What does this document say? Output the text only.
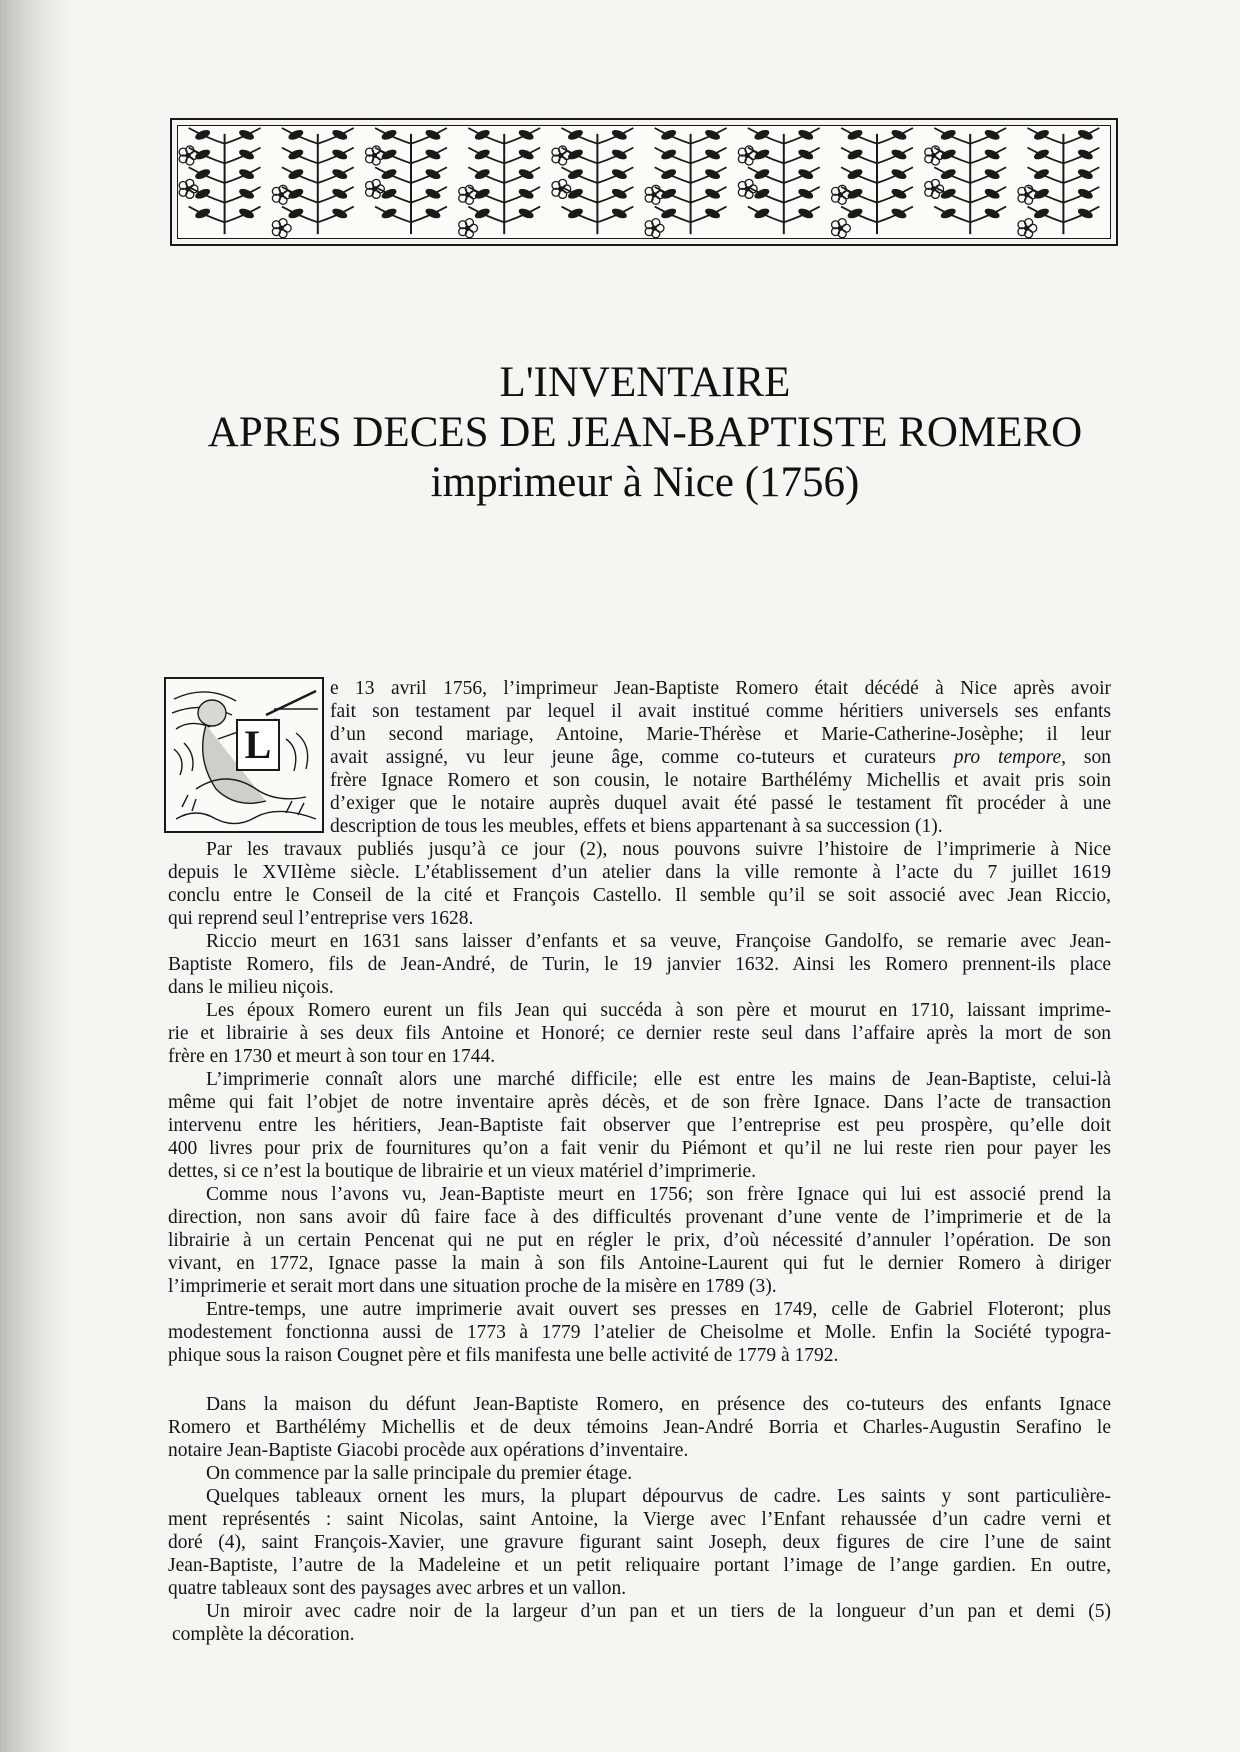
L'INVENTAIRE
APRES DECES DE JEAN-BAPTISTE ROMERO
imprimeur à Nice (1756)
L
e 13 avril 1756, l’imprimeur Jean-Baptiste Romero était décédé à Nice après avoir
fait son testament par lequel il avait institué comme héritiers universels ses enfants
d’un second mariage, Antoine, Marie-Thérèse et Marie-Catherine-Josèphe; il leur
avait assigné, vu leur jeune âge, comme co-tuteurs et curateurs pro tempore, son
frère Ignace Romero et son cousin, le notaire Barthélémy Michellis et avait pris soin
d’exiger que le notaire auprès duquel avait été passé le testament fît procéder à une
description de tous les meubles, effets et biens appartenant à sa succession (1).
Par les travaux publiés jusqu’à ce jour (2), nous pouvons suivre l’histoire de l’imprimerie à Nice
depuis le XVIIème siècle. L’établissement d’un atelier dans la ville remonte à l’acte du 7 juillet 1619
conclu entre le Conseil de la cité et François Castello. Il semble qu’il se soit associé avec Jean Riccio,
qui reprend seul l’entreprise vers 1628.
Riccio meurt en 1631 sans laisser d’enfants et sa veuve, Françoise Gandolfo, se remarie avec Jean-
Baptiste Romero, fils de Jean-André, de Turin, le 19 janvier 1632. Ainsi les Romero prennent-ils place
dans le milieu niçois.
Les époux Romero eurent un fils Jean qui succéda à son père et mourut en 1710, laissant imprime-
rie et librairie à ses deux fils Antoine et Honoré; ce dernier reste seul dans l’affaire après la mort de son
frère en 1730 et meurt à son tour en 1744.
L’imprimerie connaît alors une marché difficile; elle est entre les mains de Jean-Baptiste, celui-là
même qui fait l’objet de notre inventaire après décès, et de son frère Ignace. Dans l’acte de transaction
intervenu entre les héritiers, Jean-Baptiste fait observer que l’entreprise est peu prospère, qu’elle doit
400 livres pour prix de fournitures qu’on a fait venir du Piémont et qu’il ne lui reste rien pour payer les
dettes, si ce n’est la boutique de librairie et un vieux matériel d’imprimerie.
Comme nous l’avons vu, Jean-Baptiste meurt en 1756; son frère Ignace qui lui est associé prend la
direction, non sans avoir dû faire face à des difficultés provenant d’une vente de l’imprimerie et de la
librairie à un certain Pencenat qui ne put en régler le prix, d’où nécessité d’annuler l’opération. De son
vivant, en 1772, Ignace passe la main à son fils Antoine-Laurent qui fut le dernier Romero à diriger
l’imprimerie et serait mort dans une situation proche de la misère en 1789 (3).
Entre-temps, une autre imprimerie avait ouvert ses presses en 1749, celle de Gabriel Floteront; plus
modestement fonctionna aussi de 1773 à 1779 l’atelier de Cheisolme et Molle. Enfin la Société typogra-
phique sous la raison Cougnet père et fils manifesta une belle activité de 1779 à 1792.
Dans la maison du défunt Jean-Baptiste Romero, en présence des co-tuteurs des enfants Ignace
Romero et Barthélémy Michellis et de deux témoins Jean-André Borria et Charles-Augustin Serafino le
notaire Jean-Baptiste Giacobi procède aux opérations d’inventaire.
On commence par la salle principale du premier étage.
Quelques tableaux ornent les murs, la plupart dépourvus de cadre. Les saints y sont particulière-
ment représentés : saint Nicolas, saint Antoine, la Vierge avec l’Enfant rehaussée d’un cadre verni et
doré (4), saint François-Xavier, une gravure figurant saint Joseph, deux figures de cire l’une de saint
Jean-Baptiste, l’autre de la Madeleine et un petit reliquaire portant l’image de l’ange gardien. En outre,
quatre tableaux sont des paysages avec arbres et un vallon.
Un miroir avec cadre noir de la largeur d’un pan et un tiers de la longueur d’un pan et demi (5)
complète la décoration.
